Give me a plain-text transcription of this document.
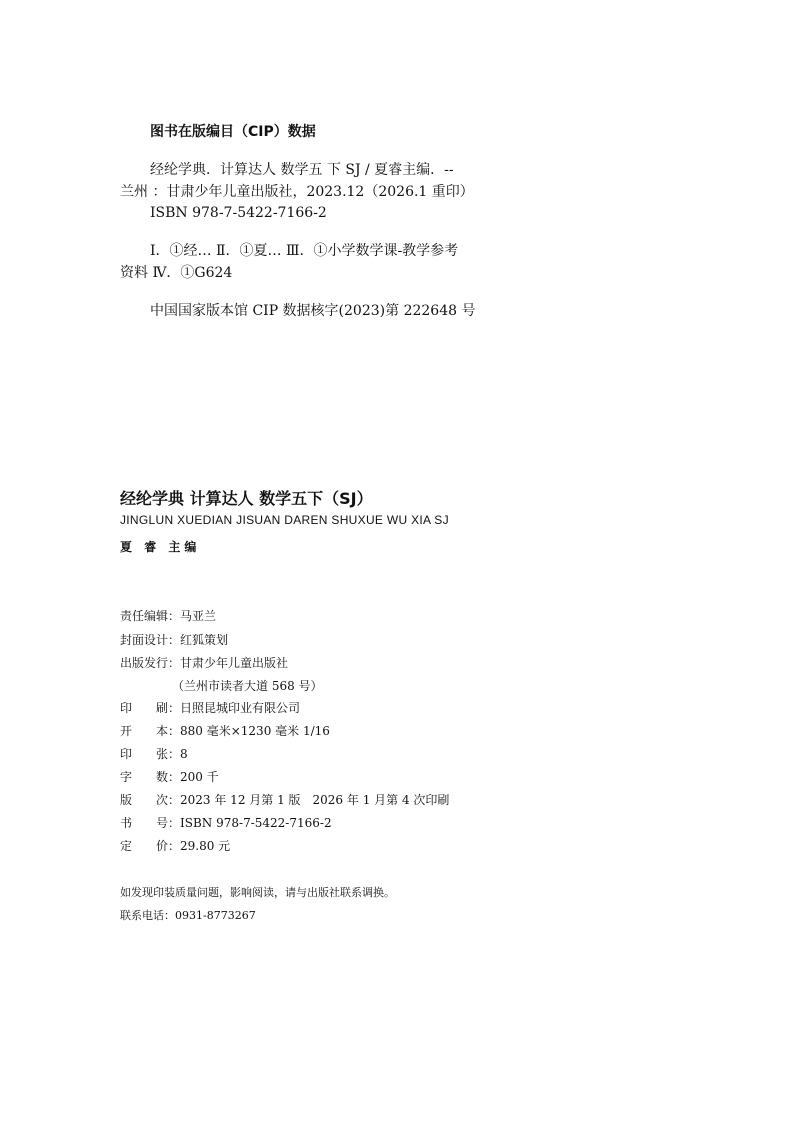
图书在版编目（CIP）数据
经纶学典．计算达人 数学五 下 SJ / 夏睿主编．--
兰州 ：甘肃少年儿童出版社，2023.12（2026.1 重印）
ISBN 978-7-5422-7166-2
Ⅰ．①经… Ⅱ．①夏… Ⅲ．①小学数学课-教学参考
资料 Ⅳ．①G624
中国国家版本馆 CIP 数据核字(2023)第 222648 号
经纶学典 计算达人 数学五下（SJ）
JINGLUN XUEDIAN JISUAN DAREN SHUXUE WU XIA SJ
夏 睿 主编
责任编辑：马亚兰
封面设计：红狐策划
出版发行：甘肃少年儿童出版社
（兰州市读者大道 568 号）
印　　刷：日照昆城印业有限公司
开　　本：880 毫米×1230 毫米 1/16
印　　张：8
字　　数：200 千
版　　次：2023 年 12 月第 1 版　2026 年 1 月第 4 次印刷
书　　号：ISBN 978-7-5422-7166-2
定　　价：29.80 元
如发现印装质量问题，影响阅读，请与出版社联系调换。
联系电话：0931-8773267
